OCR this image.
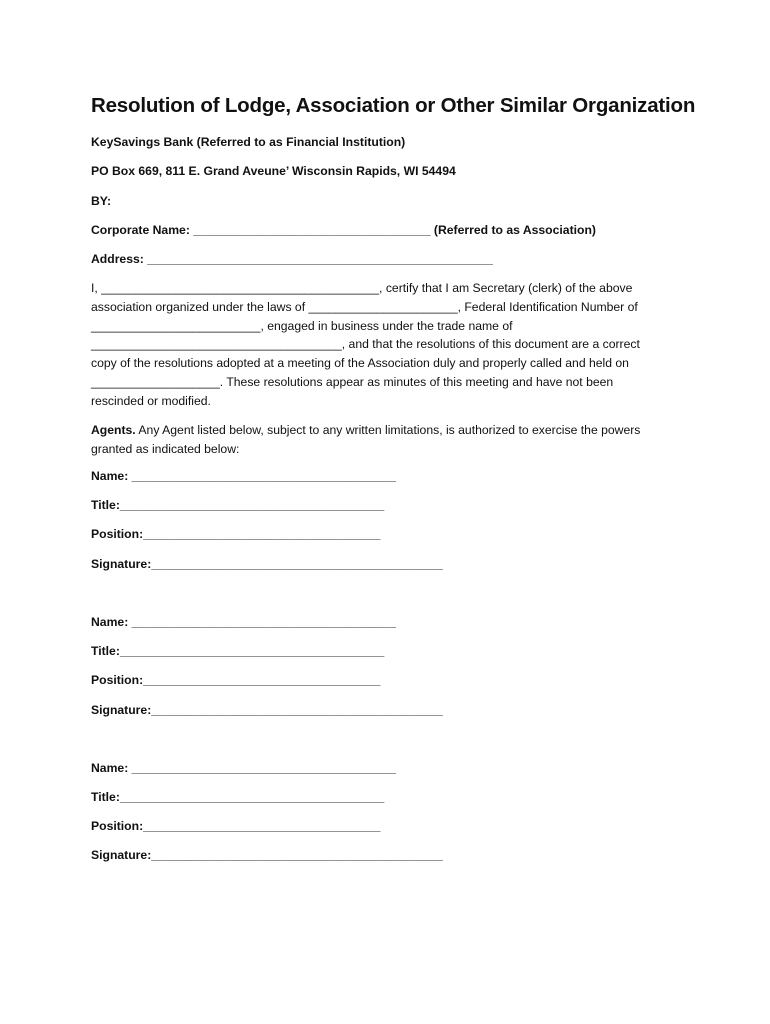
Resolution of Lodge, Association or Other Similar Organization
KeySavings Bank (Referred to as Financial Institution)
PO Box 669, 811 E. Grand Aveune’ Wisconsin Rapids, WI 54494
BY:
Corporate Name: ___________________________________ (Referred to as Association)
Address: ___________________________________________________
I, _________________________________________, certify that I am Secretary (clerk) of the above
association organized under the laws of ______________________, Federal Identification Number of
_________________________, engaged in business under the trade name of
_____________________________________, and that the resolutions of this document are a correct
copy of the resolutions adopted at a meeting of the Association duly and properly called and held on
___________________. These resolutions appear as minutes of this meeting and have not been
rescinded or modified.
Agents. Any Agent listed below, subject to any written limitations, is authorized to exercise the powers
granted as indicated below:
Name: _______________________________________
Title:_______________________________________
Position:___________________________________
Signature:___________________________________________
Name: _______________________________________
Title:_______________________________________
Position:___________________________________
Signature:___________________________________________
Name: _______________________________________
Title:_______________________________________
Position:___________________________________
Signature:___________________________________________
